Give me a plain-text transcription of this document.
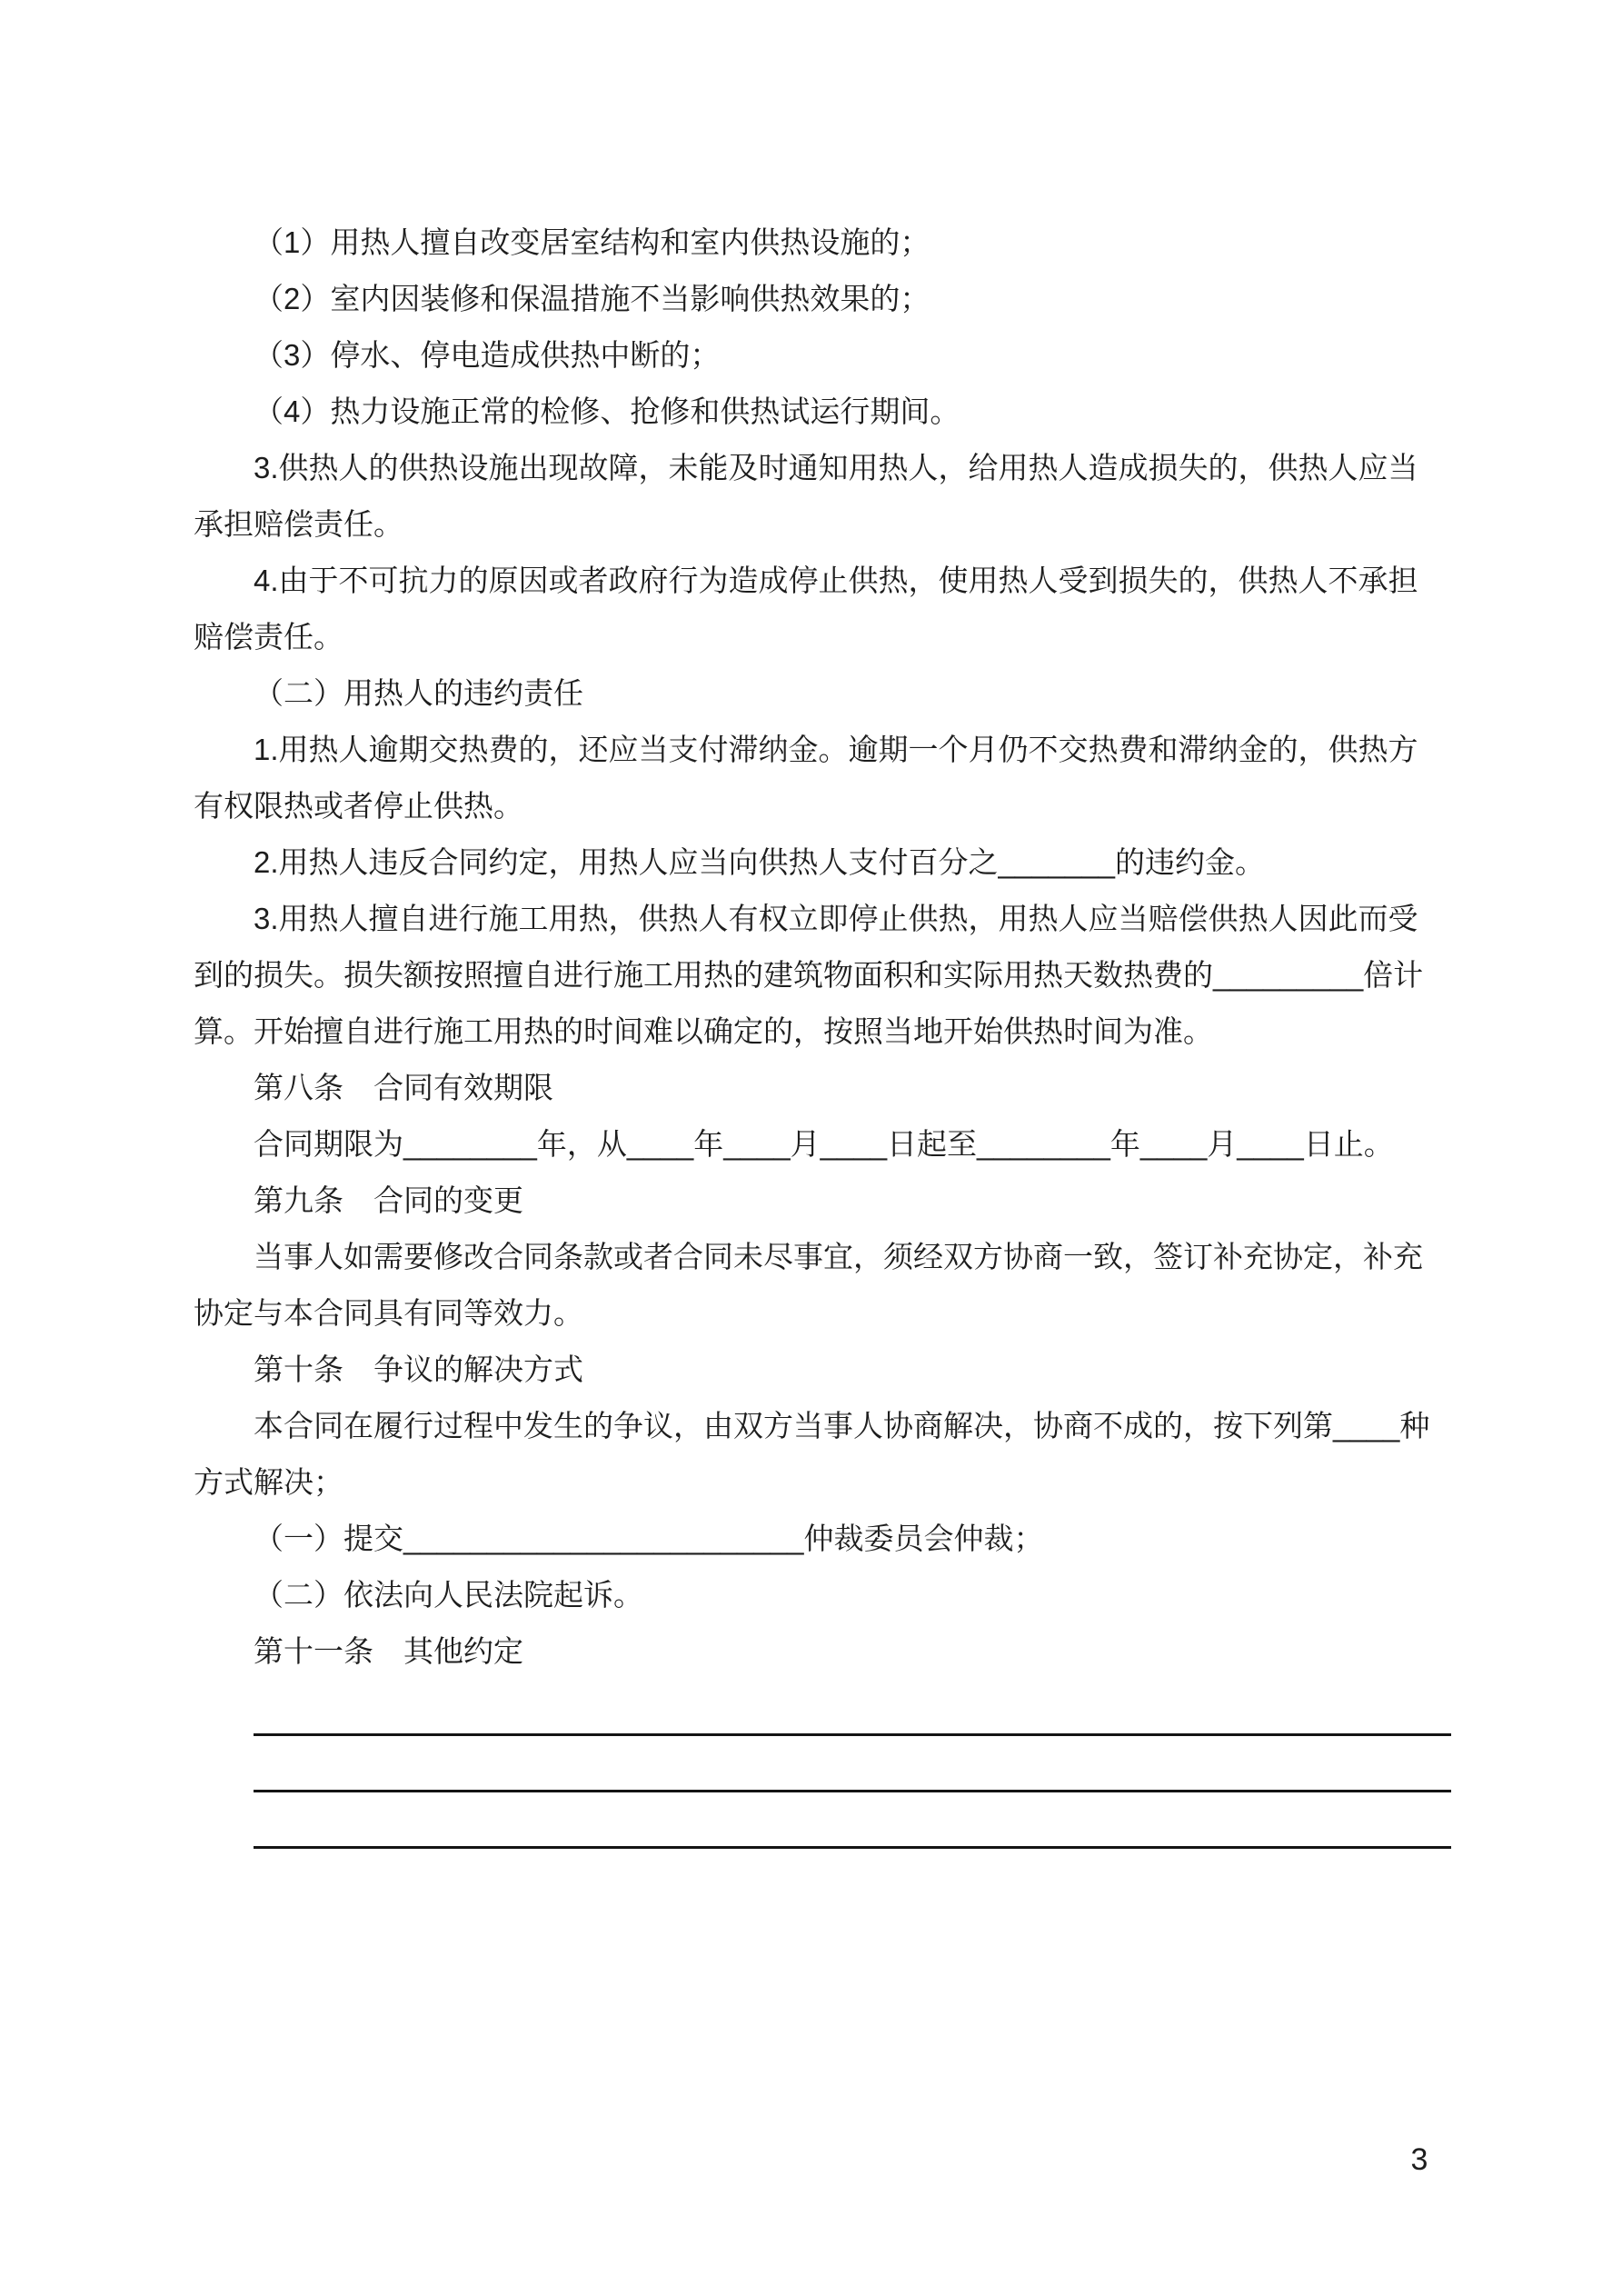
（1）用热人擅自改变居室结构和室内供热设施的；
（2）室内因装修和保温措施不当影响供热效果的；
（3）停水、停电造成供热中断的；
（4）热力设施正常的检修、抢修和供热试运行期间。
3.供热人的供热设施出现故障，未能及时通知用热人，给用热人造成损失的，供热人应当
承担赔偿责任。
4.由于不可抗力的原因或者政府行为造成停止供热，使用热人受到损失的，供热人不承担
赔偿责任。
（二）用热人的违约责任
1.用热人逾期交热费的，还应当支付滞纳金。逾期一个月仍不交热费和滞纳金的，供热方
有权限热或者停止供热。
2.用热人违反合同约定，用热人应当向供热人支付百分之_______的违约金。
3.用热人擅自进行施工用热，供热人有权立即停止供热，用热人应当赔偿供热人因此而受
到的损失。损失额按照擅自进行施工用热的建筑物面积和实际用热天数热费的_________倍计
算。开始擅自进行施工用热的时间难以确定的，按照当地开始供热时间为准。
第八条　合同有效期限
合同期限为________年，从____年____月____日起至________年____月____日止。
第九条　合同的变更
当事人如需要修改合同条款或者合同未尽事宜，须经双方协商一致，签订补充协定，补充
协定与本合同具有同等效力。
第十条　争议的解决方式
本合同在履行过程中发生的争议，由双方当事人协商解决，协商不成的，按下列第____种
方式解决；
（一）提交________________________仲裁委员会仲裁；
（二）依法向人民法院起诉。
第十一条　其他约定
3
